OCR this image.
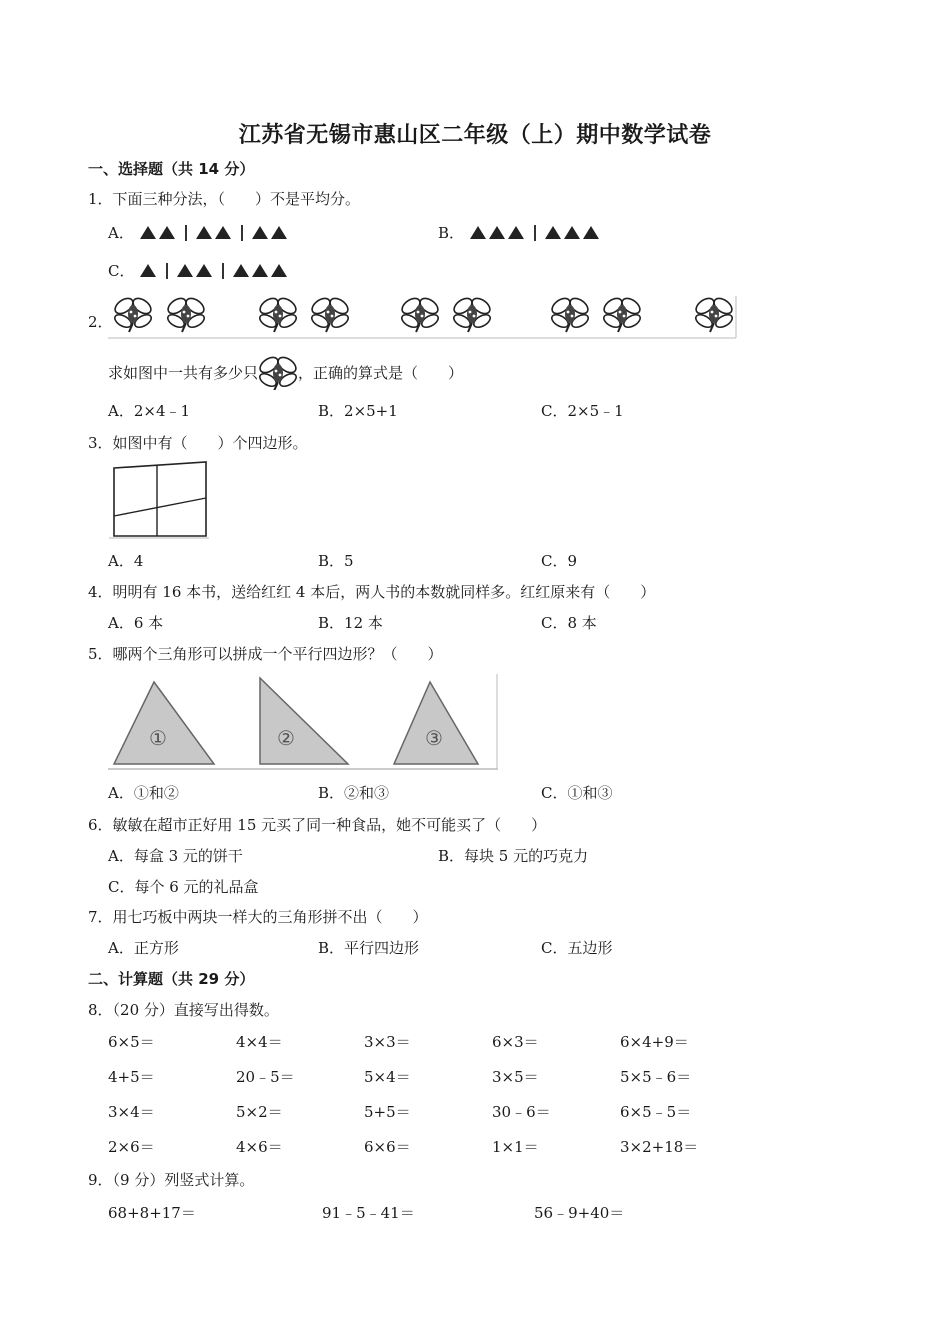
江苏省无锡市惠山区二年级（上）期中数学试卷
一、选择题（共 14 分）
1．下面三种分法，（　　）不是平均分。
A．	B．
C．
2．
求如图中一共有多少只	，正确的算式是（　　）
A．2×4﹣1	B．2×5+1	C．2×5﹣1
3．如图中有（　　）个四边形。
A．4	B．5	C．9
4．明明有 16 本书，送给红红 4 本后，两人书的本数就同样多。红红原来有（　　）
A．6 本	B．12 本	C．8 本
5．哪两个三角形可以拼成一个平行四边形？（　　）
①	②	③
A．①和②	B．②和③	C．①和③
6．敏敏在超市正好用 15 元买了同一种食品，她不可能买了（　　）
A．每盒 3 元的饼干	B．每块 5 元的巧克力
C．每个 6 元的礼品盒
7．用七巧板中两块一样大的三角形拼不出（　　）
A．正方形	B．平行四边形	C．五边形
二、计算题（共 29 分）
8．（20 分）直接写出得数。
6×5＝	4×4＝	3×3＝	6×3＝	6×4+9＝
4+5＝	20﹣5＝	5×4＝	3×5＝	5×5﹣6＝
3×4＝	5×2＝	5+5＝	30﹣6＝	6×5﹣5＝
2×6＝	4×6＝	6×6＝	1×1＝	3×2+18＝
9．（9 分）列竖式计算。
68+8+17＝	91﹣5﹣41＝	56﹣9+40＝
